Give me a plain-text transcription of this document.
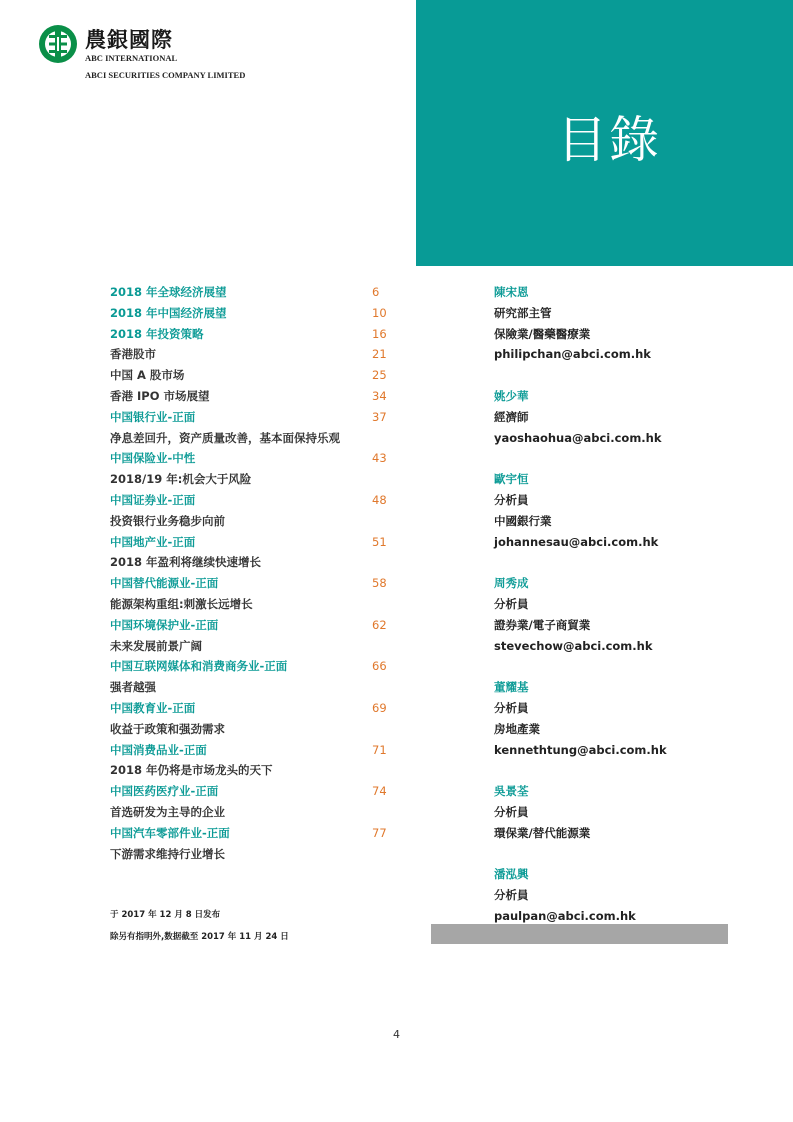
農銀國際
ABC INTERNATIONAL
ABCI SECURITIES COMPANY LIMITED
目錄
2018 年全球经济展望	6
2018 年中国经济展望	10
2018 年投资策略	16
香港股市	21
中国 A 股市场	25
香港 IPO 市场展望	34
中国银行业-正面	37
净息差回升，资产质量改善，基本面保持乐观
中国保险业-中性	43
2018/19 年:机会大于风险
中国证券业-正面	48
投资银行业务稳步向前
中国地产业-正面	51
2018 年盈利将继续快速增长
中国替代能源业-正面	58
能源架构重组:刺激长远增长
中国环境保护业-正面	62
未来发展前景广阔
中国互联网媒体和消费商务业-正面	66
强者越强
中国教育业-正面	69
收益于政策和强劲需求
中国消费品业-正面	71
2018 年仍将是市场龙头的天下
中国医药医疗业-正面	74
首选研发为主导的企业
中国汽车零部件业-正面	77
下游需求维持行业增长
于 2017 年 12 月 8 日发布
除另有指明外,数据截至 2017 年 11 月 24 日
陳宋恩
研究部主管
保險業/醫藥醫療業
philipchan@abci.com.hk
姚少華
經濟師
yaoshaohua@abci.com.hk
歐宇恒
分析員
中國銀行業
johannesau@abci.com.hk
周秀成
分析員
證券業/電子商貿業
stevechow@abci.com.hk
董耀基
分析員
房地產業
kennethtung@abci.com.hk
吳景荃
分析員
環保業/替代能源業
潘泓興
分析員
paulpan@abci.com.hk
4
